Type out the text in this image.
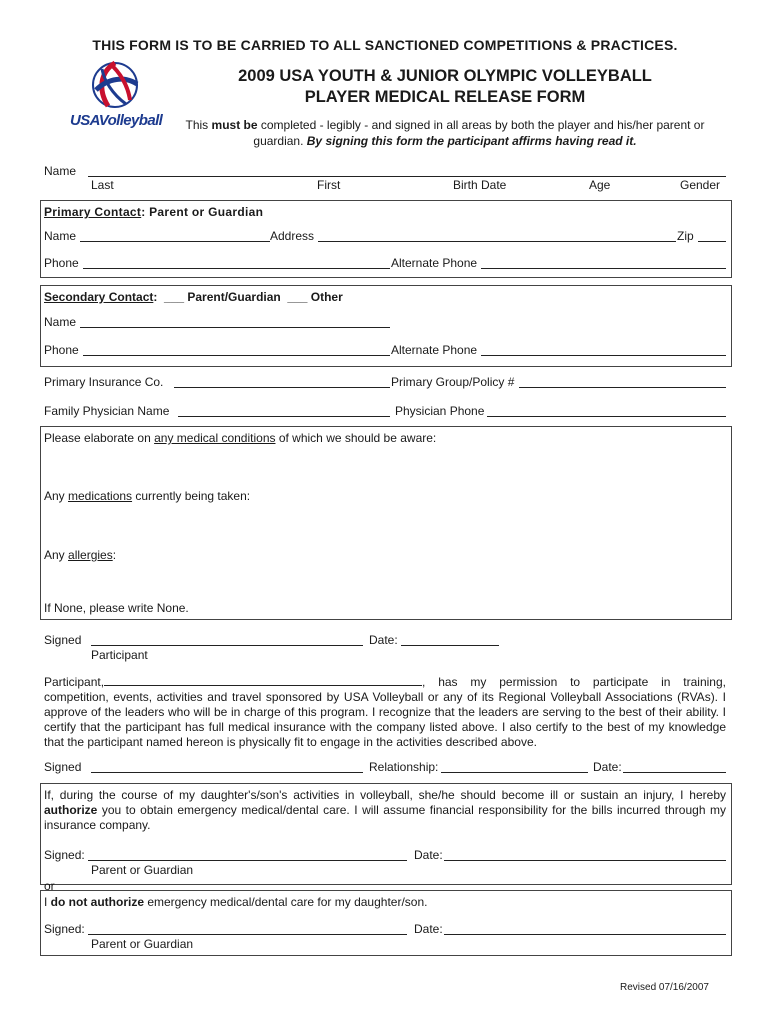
THIS FORM IS TO BE CARRIED TO ALL SANCTIONED COMPETITIONS & PRACTICES.
USAVolleyball
2009 USA YOUTH & JUNIOR OLYMPIC VOLLEYBALL
PLAYER MEDICAL RELEASE FORM
This must be completed - legibly - and signed in all areas by both the player and his/her parent or guardian. By signing this form the participant affirms having read it.
Name
Last	First	Birth Date	Age	Gender
Primary Contact: Parent or Guardian
Name	Address	Zip
Phone	Alternate Phone
Secondary Contact:  ___ Parent/Guardian  ___ Other
Name
Phone	Alternate Phone
Primary Insurance Co.	Primary Group/Policy #
Family Physician Name	Physician Phone
Please elaborate on any medical conditions of which we should be aware:
Any medications currently being taken:
Any allergies:
If None, please write None.
Signed	Date:
Participant
Participant,	, has my permission to participate in training, competition, events, activities and travel sponsored by USA Volleyball or any of its Regional Volleyball Associations (RVAs). I approve of the leaders who will be in charge of this program. I recognize that the leaders are serving to the best of their ability. I certify that the participant has full medical insurance with the company listed above. I also certify to the best of my knowledge that the participant named hereon is physically fit to engage in the activities described above.
Signed	Relationship:	Date:
If, during the course of my daughter's/son's activities in volleyball, she/he should become ill or sustain an injury, I hereby authorize you to obtain emergency medical/dental care. I will assume financial responsibility for the bills incurred through my insurance company.
Signed:	Date:
Parent or Guardian
or
I do not authorize emergency medical/dental care for my daughter/son.
Signed:	Date:
Parent or Guardian
Revised 07/16/2007
